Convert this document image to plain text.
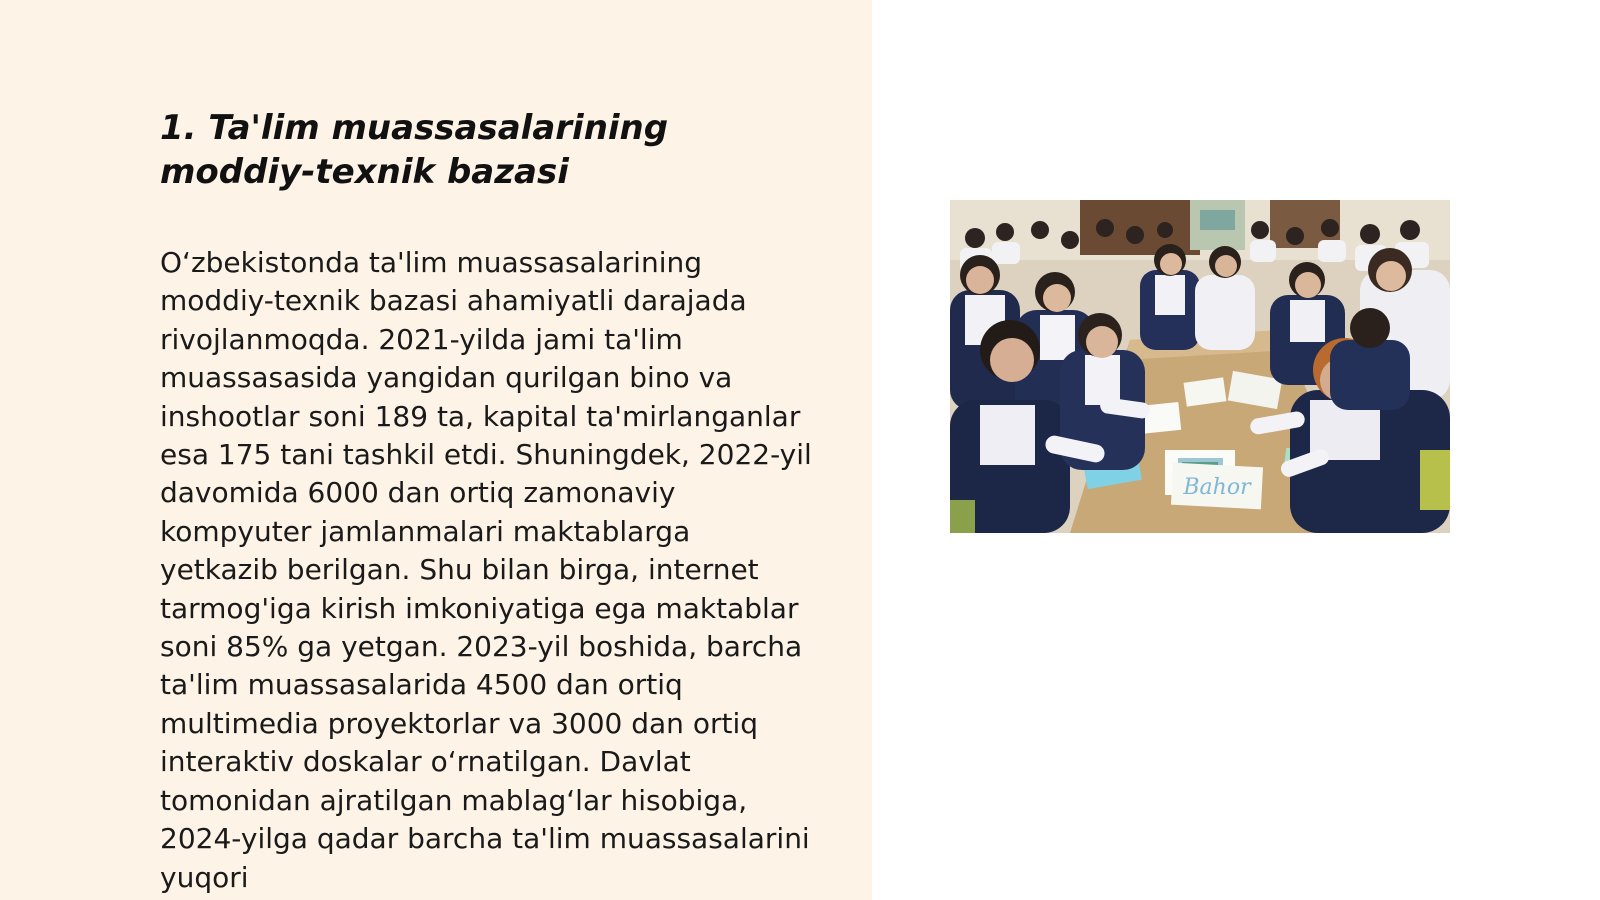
1. Ta'lim muassasalarining moddiy-texnik bazasi

O‘zbekistonda ta'lim muassasalarining moddiy-texnik bazasi ahamiyatli darajada rivojlanmoqda. 2021-yilda jami ta'lim muassasasida yangidan qurilgan bino va inshootlar soni 189 ta, kapital ta'mirlanganlar esa 175 tani tashkil etdi. Shuningdek, 2022-yil davomida 6000 dan ortiq zamonaviy kompyuter jamlanmalari maktablarga yetkazib berilgan. Shu bilan birga, internet tarmog'iga kirish imkoniyatiga ega maktablar soni 85% ga yetgan. 2023-yil boshida, barcha ta'lim muassasalarida 4500 dan ortiq multimedia proyektorlar va 3000 dan ortiq interaktiv doskalar o‘rnatilgan. Davlat tomonidan ajratilgan mablag‘lar hisobiga, 2024-yilga qadar barcha ta'lim muassasalarini yuqori

Bahor
